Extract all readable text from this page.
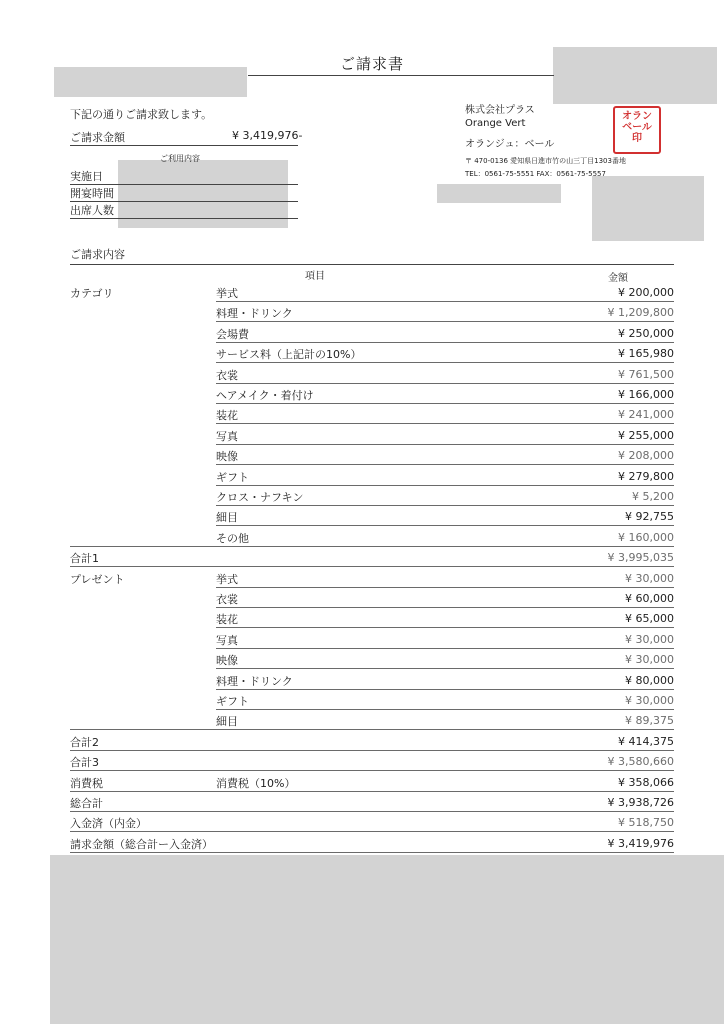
ご請求書
下記の通りご請求致します。
ご請求金額	¥ 3,419,976-
ご利用内容
実施日
開宴時間
出席人数
株式会社プラス
Orange Vert
オランジュ：ベール
〒 470-0136 愛知県日進市竹の山三丁目1303番地
TEL：0561-75-5551 FAX：0561-75-5557
オラン
ベール
印
ご請求内容
項目	金額
カテゴリ	挙式	¥ 200,000
料理・ドリンク	¥ 1,209,800
会場費	¥ 250,000
サービス料（上記計の10%）	¥ 165,980
衣裳	¥ 761,500
ヘアメイク・着付け	¥ 166,000
装花	¥ 241,000
写真	¥ 255,000
映像	¥ 208,000
ギフト	¥ 279,800
クロス・ナフキン	¥ 5,200
細目	¥ 92,755
その他	¥ 160,000
合計1	¥ 3,995,035
プレゼント	挙式	¥ 30,000
衣裳	¥ 60,000
装花	¥ 65,000
写真	¥ 30,000
映像	¥ 30,000
料理・ドリンク	¥ 80,000
ギフト	¥ 30,000
細目	¥ 89,375
合計2	¥ 414,375
合計3	¥ 3,580,660
消費税	消費税（10%）	¥ 358,066
総合計	¥ 3,938,726
入金済（内金）	¥ 518,750
請求金額（総合計ー入金済）	¥ 3,419,976
